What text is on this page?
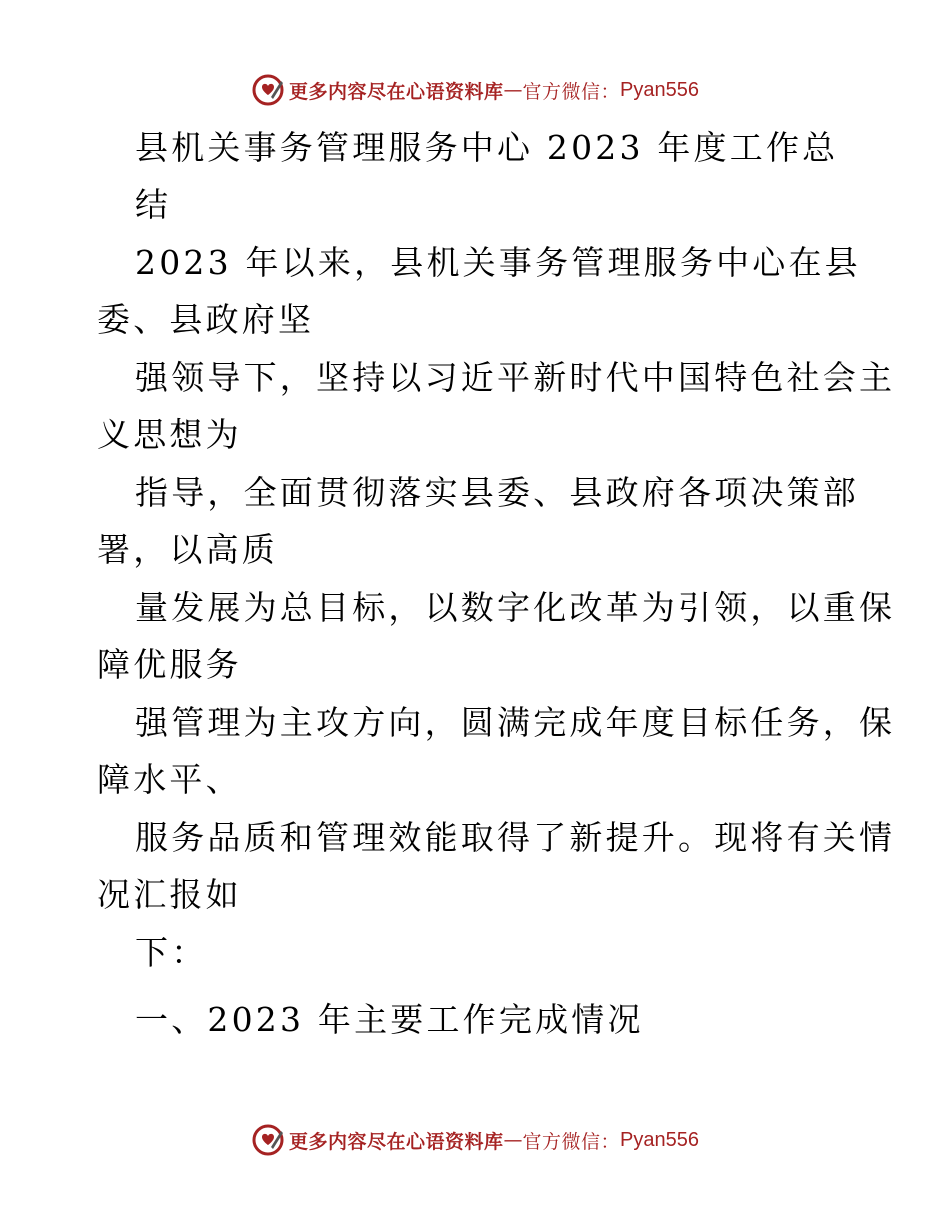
更多内容尽在心语资料库 — 官方微信： Pyan556
县机关事务管理服务中心 2023 年度工作总
结
2023 年以来，县机关事务管理服务中心在县
委、县政府坚
强领导下，坚持以习近平新时代中国特色社会主
义思想为
指导，全面贯彻落实县委、县政府各项决策部
署，以高质
量发展为总目标，以数字化改革为引领，以重保
障优服务
强管理为主攻方向，圆满完成年度目标任务，保
障水平、
服务品质和管理效能取得了新提升。现将有关情
况汇报如
下：
一、2023 年主要工作完成情况
更多内容尽在心语资料库 — 官方微信： Pyan556
